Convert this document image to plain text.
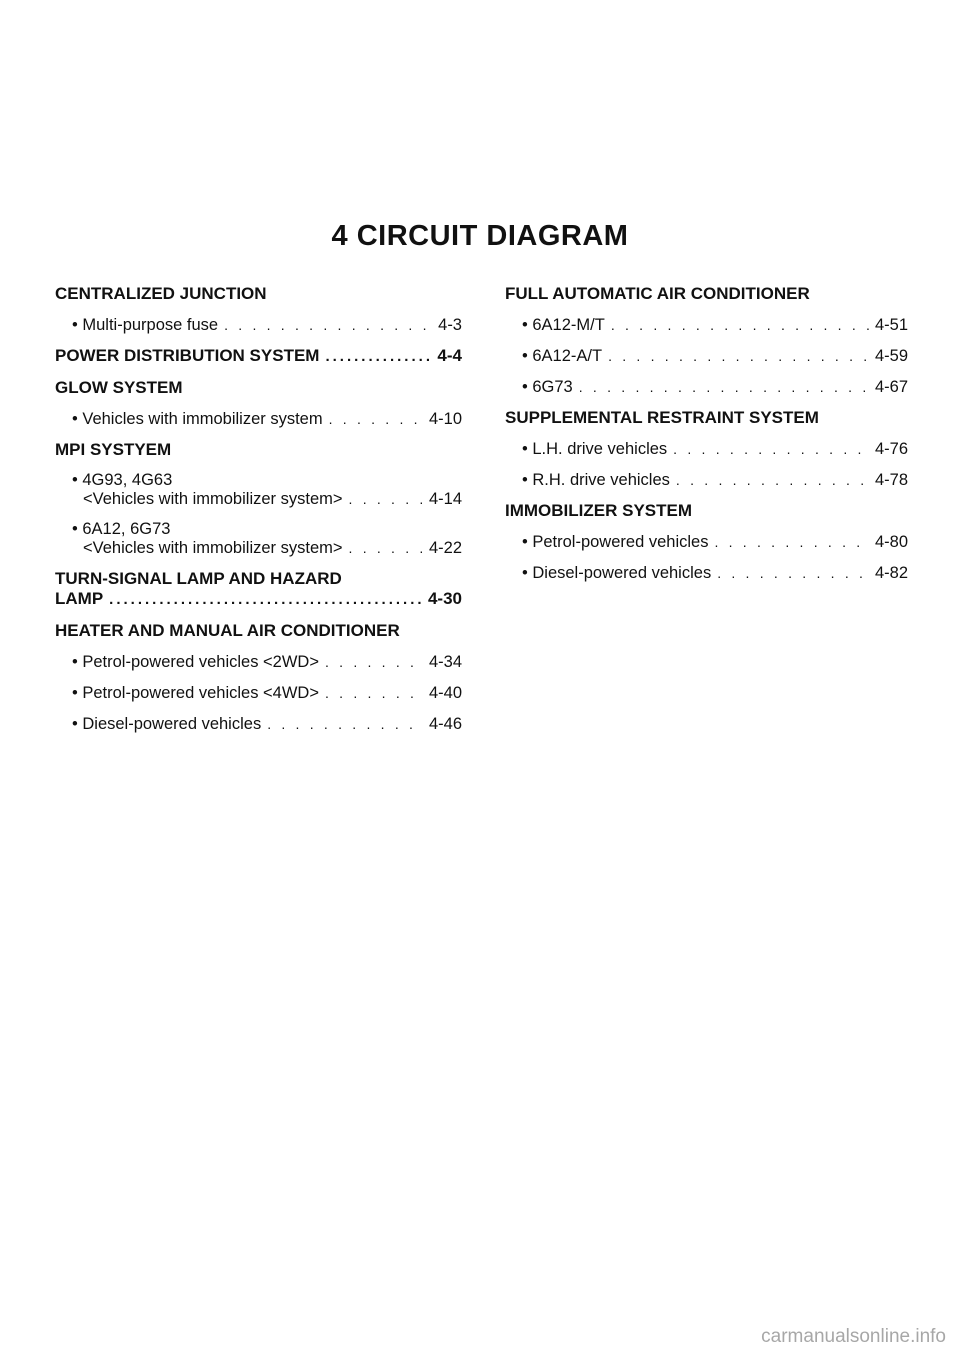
4 CIRCUIT DIAGRAM
CENTRALIZED JUNCTION
• Multi-purpose fuse . . .	4-3
POWER DISTRIBUTION SYSTEM .....	4-4
GLOW SYSTEM
• Vehicles with immobilizer system . . .	4-10
MPI SYSTYEM
• 4G93, 4G63
<Vehicles with immobilizer system> . . .	4-14
• 6A12, 6G73
<Vehicles with immobilizer system> . . .	4-22
TURN-SIGNAL LAMP AND HAZARD
LAMP .....	4-30
HEATER AND MANUAL AIR CONDITIONER
• Petrol-powered vehicles <2WD> . . .	4-34
• Petrol-powered vehicles <4WD> . . .	4-40
• Diesel-powered vehicles . . .	4-46
FULL AUTOMATIC AIR CONDITIONER
• 6A12-M/T . . .	4-51
• 6A12-A/T . . .	4-59
• 6G73 . . .	4-67
SUPPLEMENTAL RESTRAINT SYSTEM
• L.H. drive vehicles . . .	4-76
• R.H. drive vehicles . . .	4-78
IMMOBILIZER SYSTEM
• Petrol-powered vehicles . . .	4-80
• Diesel-powered vehicles . . .	4-82
carmanualsonline.info
